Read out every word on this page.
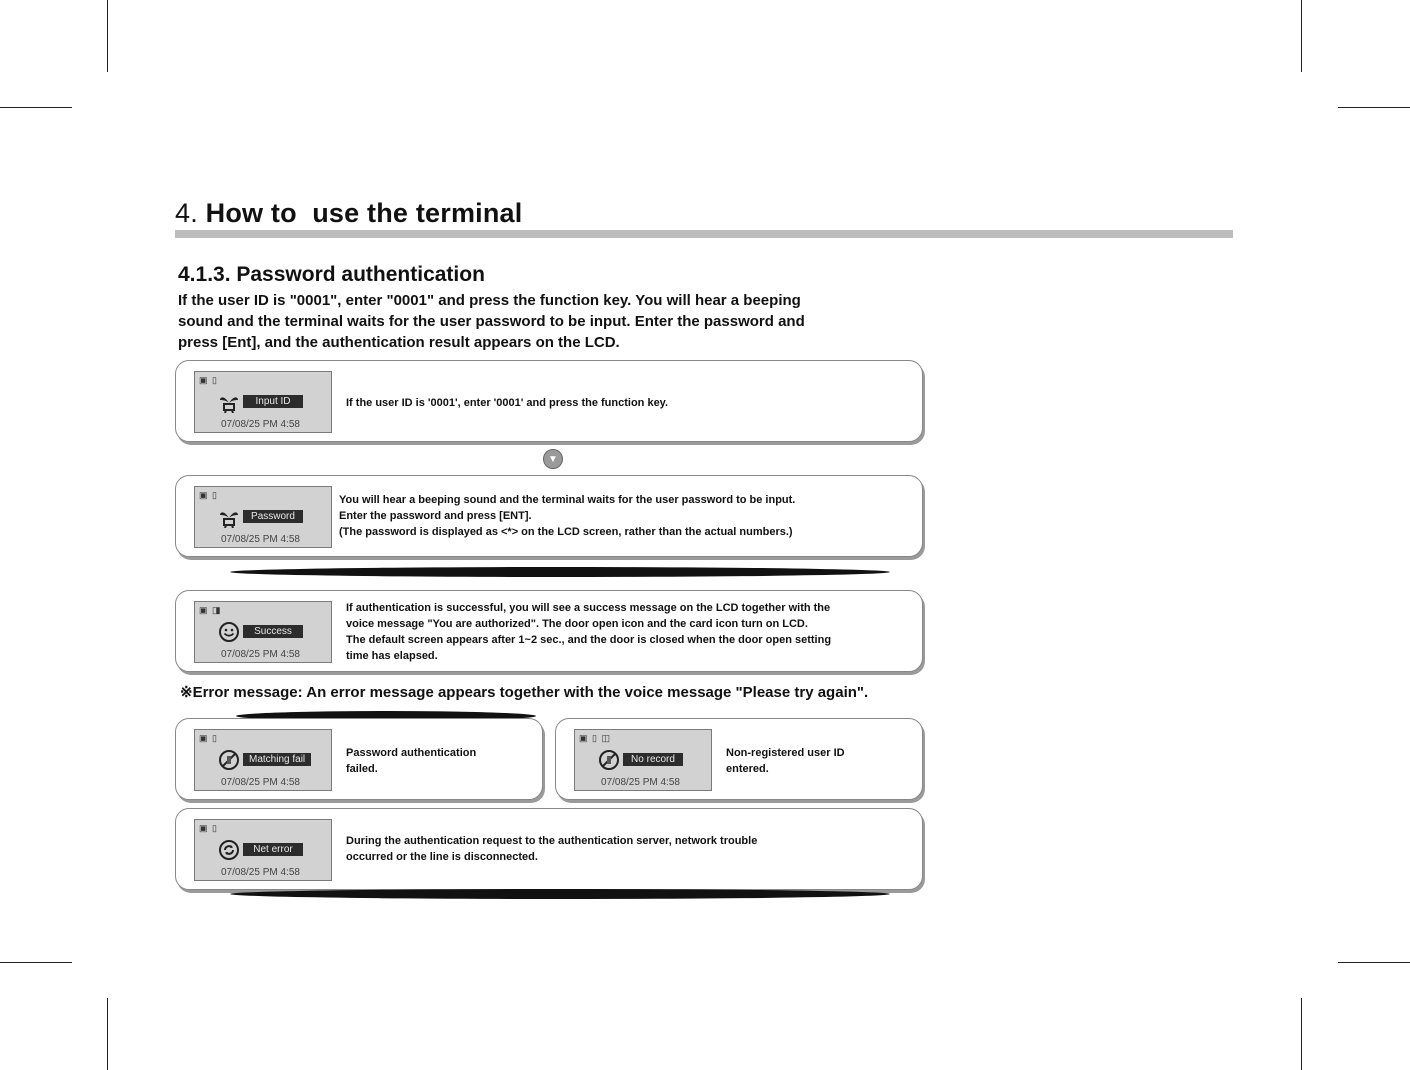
4. How to  use the terminal
4.1.3. Password authentication
If the user ID is "0001", enter "0001" and press the function key. You will hear a beeping sound and the terminal waits for the user password to be input. Enter the password and press [Ent], and the authentication result appears on the LCD.
▣ ▯
Input ID
07/08/25 PM 4:58
If the user ID is '0001', enter '0001' and press the function key.
▼
▣ ▯
Password
07/08/25 PM 4:58
You will hear a beeping sound and the terminal waits for the user password to be input.
Enter the password and press [ENT].
(The password is displayed as <*> on the LCD screen, rather than the actual numbers.)
▣ ◨
Success
07/08/25 PM 4:58
If authentication is successful, you will see a success message on the LCD together with the
voice message "You are authorized". The door open icon and the card icon turn on LCD.
The default screen appears after 1~2 sec., and the door is closed when the door open setting
time has elapsed.
※Error message: An error message appears together with the voice message "Please try again".
▣ ▯
Matching fail
07/08/25 PM 4:58
Password authentication
failed.
▣ ▯ ◫
No record
07/08/25 PM 4:58
Non-registered user ID
entered.
▣ ▯
Net error
07/08/25 PM 4:58
During the authentication request to the authentication server, network trouble
occurred or the line is disconnected.
